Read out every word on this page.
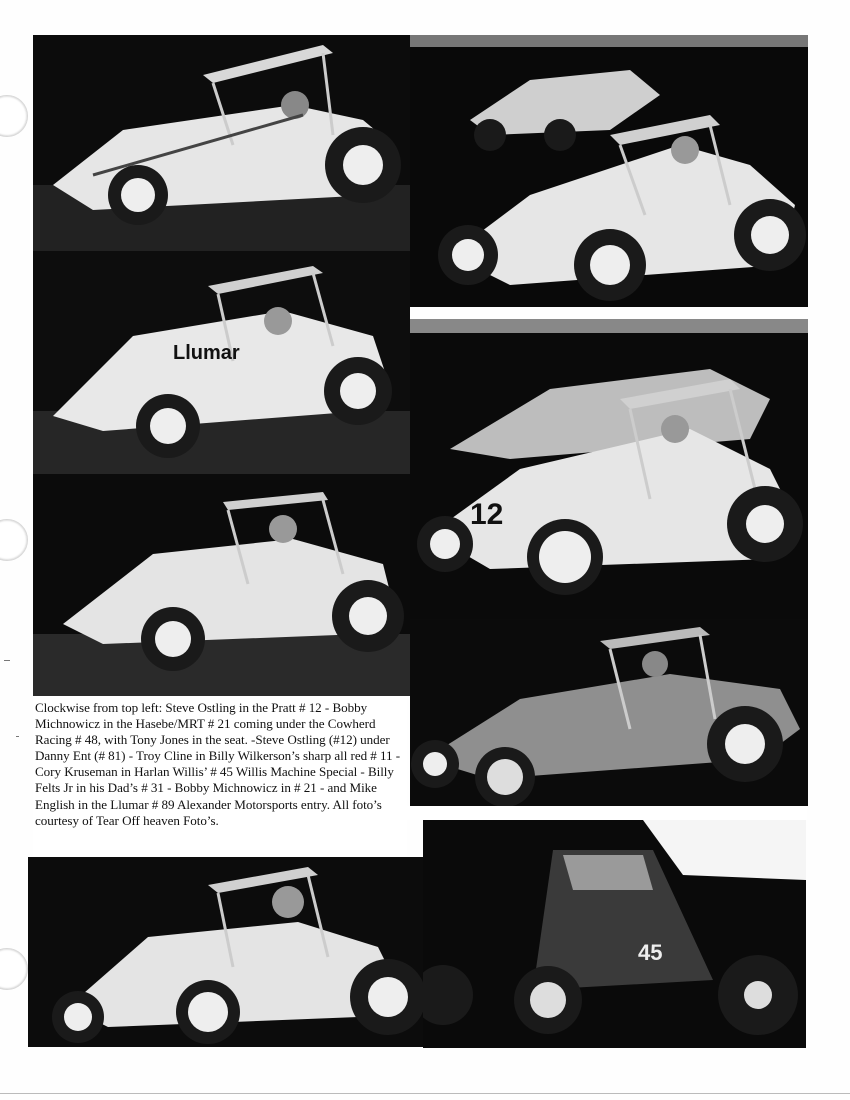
Llumar
12
Clockwise from top left: Steve Ostling in the Pratt # 12 - Bobby Michnowicz in the Hasebe/MRT # 21 coming under the Cowherd Racing # 48, with Tony Jones in the seat. -Steve Ostling (#12) under Danny Ent (# 81) - Troy Cline in Billy Wilkerson’s sharp all red # 11 - Cory Kruseman in Harlan Willis’ # 45 Willis Machine Special - Billy Felts Jr in his Dad’s # 31 - Bobby Michnowicz in # 21 - and Mike English in the Llumar # 89 Alexander Motorsports entry. All foto’s courtesy of Tear Off heaven Foto’s.
45
